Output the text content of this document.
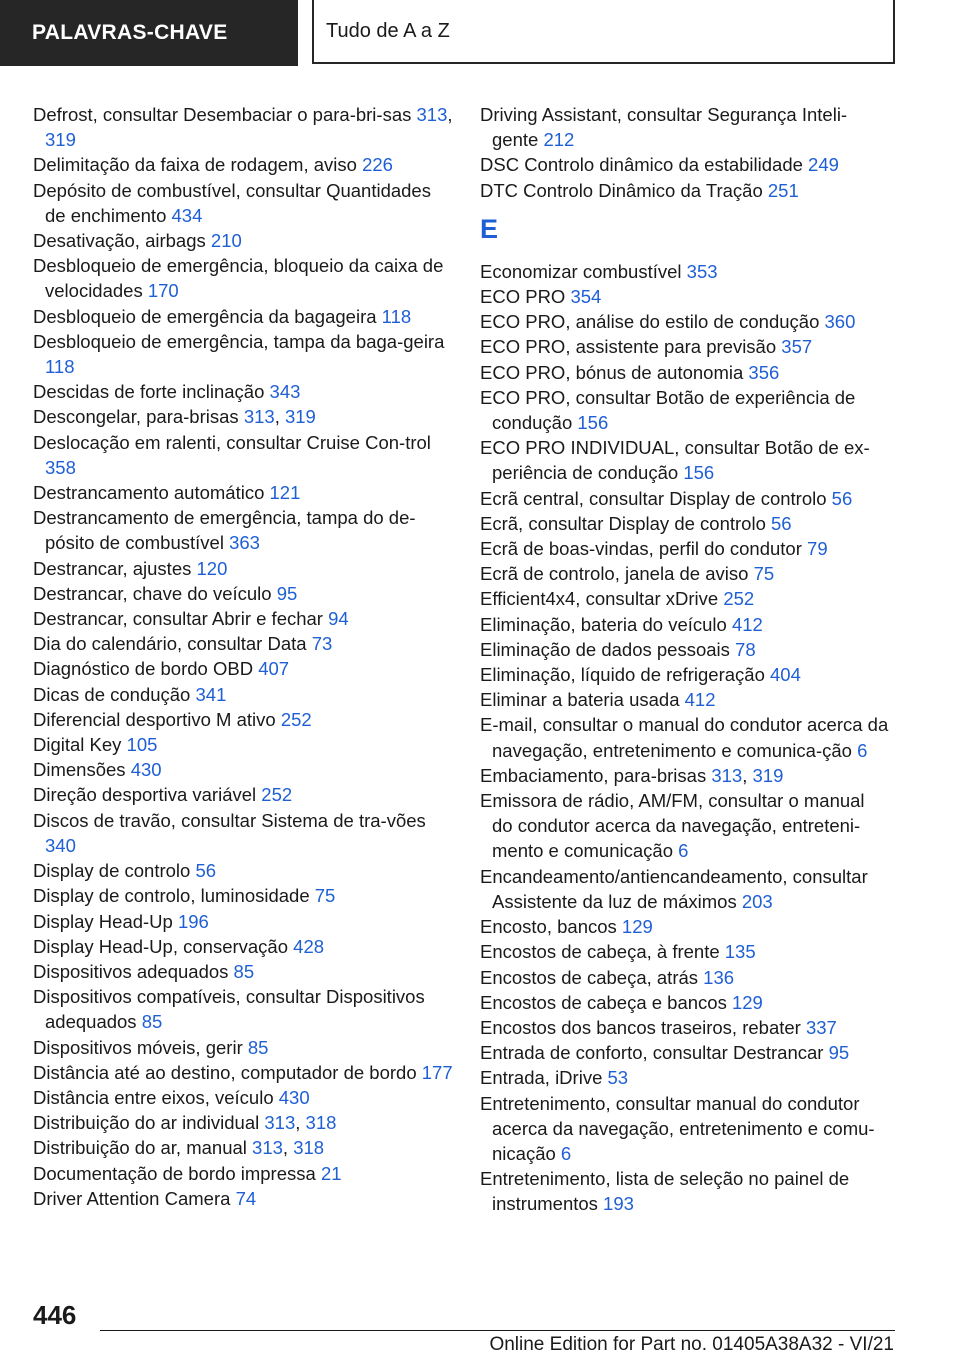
PALAVRAS-CHAVE	Tudo de A a Z
Defrost, consultar Desembaciar o para-bri-sas 313, 319
Delimitação da faixa de rodagem, aviso 226
Depósito de combustível, consultar Quantidades de enchimento 434
Desativação, airbags 210
Desbloqueio de emergência, bloqueio da caixa de velocidades 170
Desbloqueio de emergência da bagageira 118
Desbloqueio de emergência, tampa da baga-geira 118
Descidas de forte inclinação 343
Descongelar, para-brisas 313, 319
Deslocação em ralenti, consultar Cruise Con-trol 358
Destrancamento automático 121
Destrancamento de emergência, tampa do de-pósito de combustível 363
Destrancar, ajustes 120
Destrancar, chave do veículo 95
Destrancar, consultar Abrir e fechar 94
Dia do calendário, consultar Data 73
Diagnóstico de bordo OBD 407
Dicas de condução 341
Diferencial desportivo M ativo 252
Digital Key 105
Dimensões 430
Direção desportiva variável 252
Discos de travão, consultar Sistema de tra-vões 340
Display de controlo 56
Display de controlo, luminosidade 75
Display Head-Up 196
Display Head-Up, conservação 428
Dispositivos adequados 85
Dispositivos compatíveis, consultar Dispositivos adequados 85
Dispositivos móveis, gerir 85
Distância até ao destino, computador de bordo 177
Distância entre eixos, veículo 430
Distribuição do ar individual 313, 318
Distribuição do ar, manual 313, 318
Documentação de bordo impressa 21
Driver Attention Camera 74
Driving Assistant, consultar Segurança Inteli-gente 212
DSC Controlo dinâmico da estabilidade 249
DTC Controlo Dinâmico da Tração 251
E
Economizar combustível 353
ECO PRO 354
ECO PRO, análise do estilo de condução 360
ECO PRO, assistente para previsão 357
ECO PRO, bónus de autonomia 356
ECO PRO, consultar Botão de experiência de condução 156
ECO PRO INDIVIDUAL, consultar Botão de ex-periência de condução 156
Ecrã central, consultar Display de controlo 56
Ecrã, consultar Display de controlo 56
Ecrã de boas-vindas, perfil do condutor 79
Ecrã de controlo, janela de aviso 75
Efficient4x4, consultar xDrive 252
Eliminação, bateria do veículo 412
Eliminação de dados pessoais 78
Eliminação, líquido de refrigeração 404
Eliminar a bateria usada 412
E-mail, consultar o manual do condutor acerca da navegação, entretenimento e comunica-ção 6
Embaciamento, para-brisas 313, 319
Emissora de rádio, AM/FM, consultar o manual do condutor acerca da navegação, entreteni-mento e comunicação 6
Encandeamento/antiencandeamento, consultar Assistente da luz de máximos 203
Encosto, bancos 129
Encostos de cabeça, à frente 135
Encostos de cabeça, atrás 136
Encostos de cabeça e bancos 129
Encostos dos bancos traseiros, rebater 337
Entrada de conforto, consultar Destrancar 95
Entrada, iDrive 53
Entretenimento, consultar manual do condutor acerca da navegação, entretenimento e comu-nicação 6
Entretenimento, lista de seleção no painel de instrumentos 193
446
Online Edition for Part no. 01405A38A32 - VI/21
